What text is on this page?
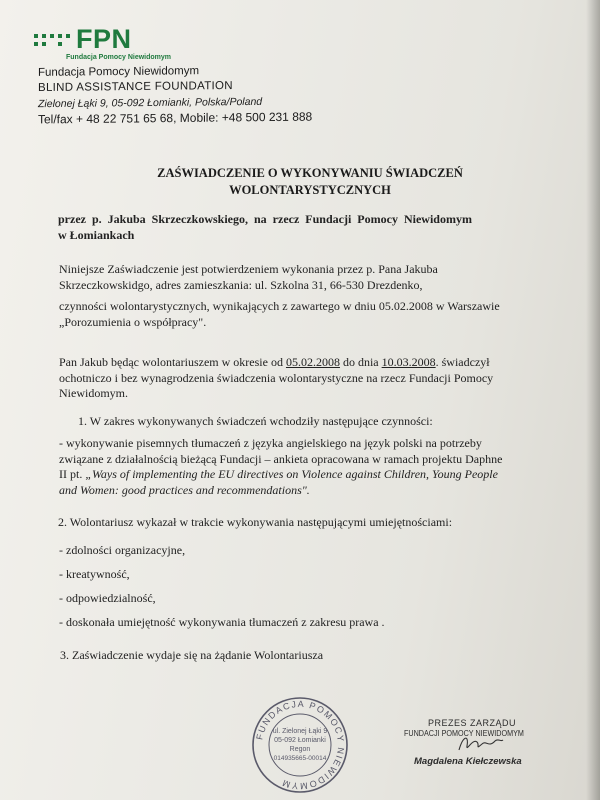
FPN
Fundacja Pomocy Niewidomym
Fundacja Pomocy Niewidomym
BLIND ASSISTANCE FOUNDATION
Zielonej Łąki 9, 05-092 Łomianki, Polska/Poland
Tel/fax + 48 22 751 65 68, Mobile: +48 500 231 888
ZAŚWIADCZENIE O WYKONYWANIU ŚWIADCZEŃ
WOLONTARYSTYCZNYCH
przez p. Jakuba Skrzeczkowskiego, na rzecz Fundacji Pomocy Niewidomym
w Łomiankach
Niniejsze Zaświadczenie jest potwierdzeniem wykonania przez p. Pana Jakuba
Skrzeczkowskidgo, adres zamieszkania: ul. Szkolna 31, 66-530 Drezdenko,
czynności wolontarystycznych, wynikających z zawartego w dniu 05.02.2008 w Warszawie
„Porozumienia o współpracy".
Pan Jakub będąc wolontariuszem w okresie od 05.02.2008 do dnia 10.03.2008. świadczył
ochotniczo i bez wynagrodzenia świadczenia wolontarystyczne na rzecz Fundacji Pomocy
Niewidomym.
1. W zakres wykonywanych świadczeń wchodziły następujące czynności:
- wykonywanie pisemnych tłumaczeń z języka angielskiego na język polski na potrzeby
związane z działalnością bieżącą Fundacji – ankieta opracowana w ramach projektu Daphne
II pt. „Ways of implementing the EU directives on Violence against Children, Young People
and Women: good practices and recommendations".
2. Wolontariusz wykazał w trakcie wykonywania następującymi umiejętnościami:
- zdolności organizacyjne,
- kreatywność,
- odpowiedzialność,
- doskonała umiejętność wykonywania tłumaczeń z zakresu prawa .
3. Zaświadczenie wydaje się na żądanie Wolontariusza
FUNDACJA POMOCY NIEWIDOMYM
ul. Zielonej Łąki 9
05-092 Łomianki
Regon
014935665-00014
PREZES ZARZĄDU
FUNDACJI POMOCY NIEWIDOMYM
Magdalena Kiełczewska
